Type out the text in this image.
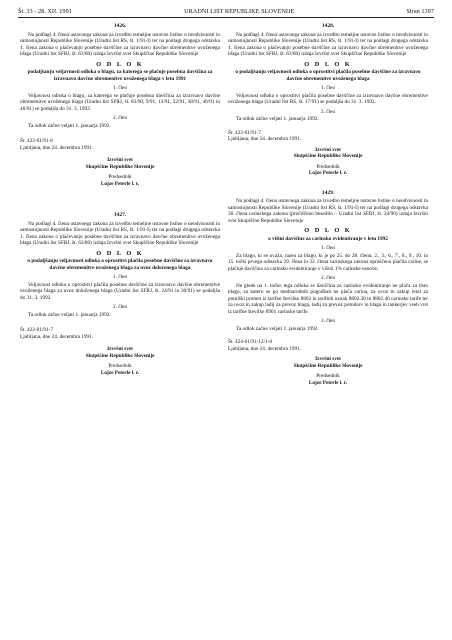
Št. 33 - 28. XII. 1991	URADNI LIST REPUBLIKE SLOVENIJE	Stran 1397
1426.

Na podlagi 4. člena ustavnega zakona za izvedbo temeljne ustavne listine o neodvisnosti in samostojnosti Republike Slovenije (Uradni list RS, št. 1/91-I) ter na podlagi drugega odstavka 1. člena zakona o plačevanju posebne davščine za izravnavo davčne obremenitve uvoženega blaga (Uradni list SFRJ, št. 63/80) izdaja Izvršni svet Skupščine Republike Slovenije

O D L O K
podaljšanju veljavnosti odloka o blagu, za katerega se plačuje posebna davščina za izravnavo davčne obremenitve uvoženega blaga v letu 1991
1. člen

Veljavnost odloka o blagu, za katerega se plačuje posebna davščina za izravnavo davčne obremenitve uvoženega blaga (Uradni list SFRJ, št. 83/90, 9/91, 13/91, 22/91, 38/91, 40/91 in 46/91) se podaljša do 31. 3. 1992.

2. člen

Ta odlok začne veljati 1. januarja 1992.

Št. 422-01/91-6
Ljubljana, dne 24. decembra 1991.
Izvršni svet
Skupščine Republike Slovenije
Predsednik
Lojze Peterle l. r.
1427.

Na podlagi 4. člena ustavnega zakona za izvedbo temeljne ustavne listine o neodvisnosti in samostojnosti Republike Slovenije (Uradni list RS, št. 1/91-I) ter na podlagi drugega odstavka 1. člena zakona o plačevanju posebne davščine za izravnavo davčne obremenitve uvoženega blaga (Uradni list SFRJ, št. 63/80) izdaja Izvršni svet Skupščine Republike Slovenije

O D L O K
o podaljšanju veljavnosti odloka o oprostitvi plačila posebne davščine za izravnavo davčne obremenitve uvoženega blaga za uvoz določenega blaga
1. člen

Veljavnost odloka o oprostitvi plačila posebne davščine za izravnavo davčne obremenitve uvoženega blaga za uvoz določenega blaga (Uradni list SFRJ, št. 24/91 in 30/91) se podaljša do 31. 3. 1992.

2. člen

Ta odlok začne veljati 1. januarja 1992.

Št. 422-01/91-7
Ljubljana, dne 24. decembra 1991.
Izvršni svet
Skupščine Republike Slovenije
Predsednik
Lojze Peterle l. r.
1428.

Na podlagi 4. člena ustavnega zakona za izvedbo temeljne ustavne listine o neodvisnosti in samostojnosti Republike Slovenije (Uradni list RS, št. 1/91-I) ter na podlagi drugega odstavka 1. člena zakona o plačevanju posebne davščine za izravnavo davčne obremenitve uvoženega blaga (Uradni list SFRJ, št. 63/80) izdaja Izvršni svet Skupščine Republike Slovenije

O D L O K
o podaljšanju veljavnosti odloka o oprostitvi plačila posebne davščine za izravnavo davčne obremenitve uvoženega blaga
1. člen

Veljavnost odloka o oprostitvi plačila posebne davščine za izravnavo davčne obremenitve uvoženega blaga (Uradni list RS, št. 17/91) se podaljša do 31. 3. 1992.

2. člen

Ta odlok začne veljati 1. januarja 1992.

Št. 422-01/91-7
Ljubljana, dne 24. decembra 1991.
Izvršni svet
Skupščine Republike Slovenije
Predsednik
Lojze Peterle l. r.
1429.

Na podlagi 4. člena ustavnega zakona za izvedbo temeljne ustavne listine o neodvisnosti in samostojnosti Republike Slovenije (Uradni list RS, št. 1/91-I) ter na podlagi drugega odstavka 36. člena carinskega zakona (prečiščeno besedilo – Uradni list SFRJ, št. 34/90) izdaja Izvršni svet Skupščine Republike Slovenije

O D L O K
o višini davščine za carinsko evidentiranje v letu 1992
1. člen

Za blago, ki se uvaža, razen za blago, ki je po 25. do 28. členu, 2., 3., 6., 7., 8., 9., 10. in 15. točki prvega odstavka 29. člena in 32. člena carinskega zakona oproščeno plačila carine, se plačuje davščina za carinsko evidentiranje v višini 1% carinske osnove.

2. člen

Ne glede na 1. točko tega odloka se davščina za carinsko evidentiranje ne plača za tisto blago, za katero se po mednarodnih pogodbah ne plača carina, za uvoz in zakup letal za potniški promet iz tarifne številke 8802 in tarifnih oznak 8802.30 in 8802.40 carinske tarife ter za uvoz in zakup ladij za prevoz blaga, ladij za prevoz potnikov in blaga in tankerjev vseh vrst iz tarifne številke 8901 carinske tarife.

3. člen

Ta odlok začne veljati 1. januarja 1992.

Št. 424-01/91-12/1-8
Ljubljana, dne 24. decembra 1991.
Izvršni svet
Skupščine Republike Slovenije
Predsednik
Lojze Peterle l. r.
